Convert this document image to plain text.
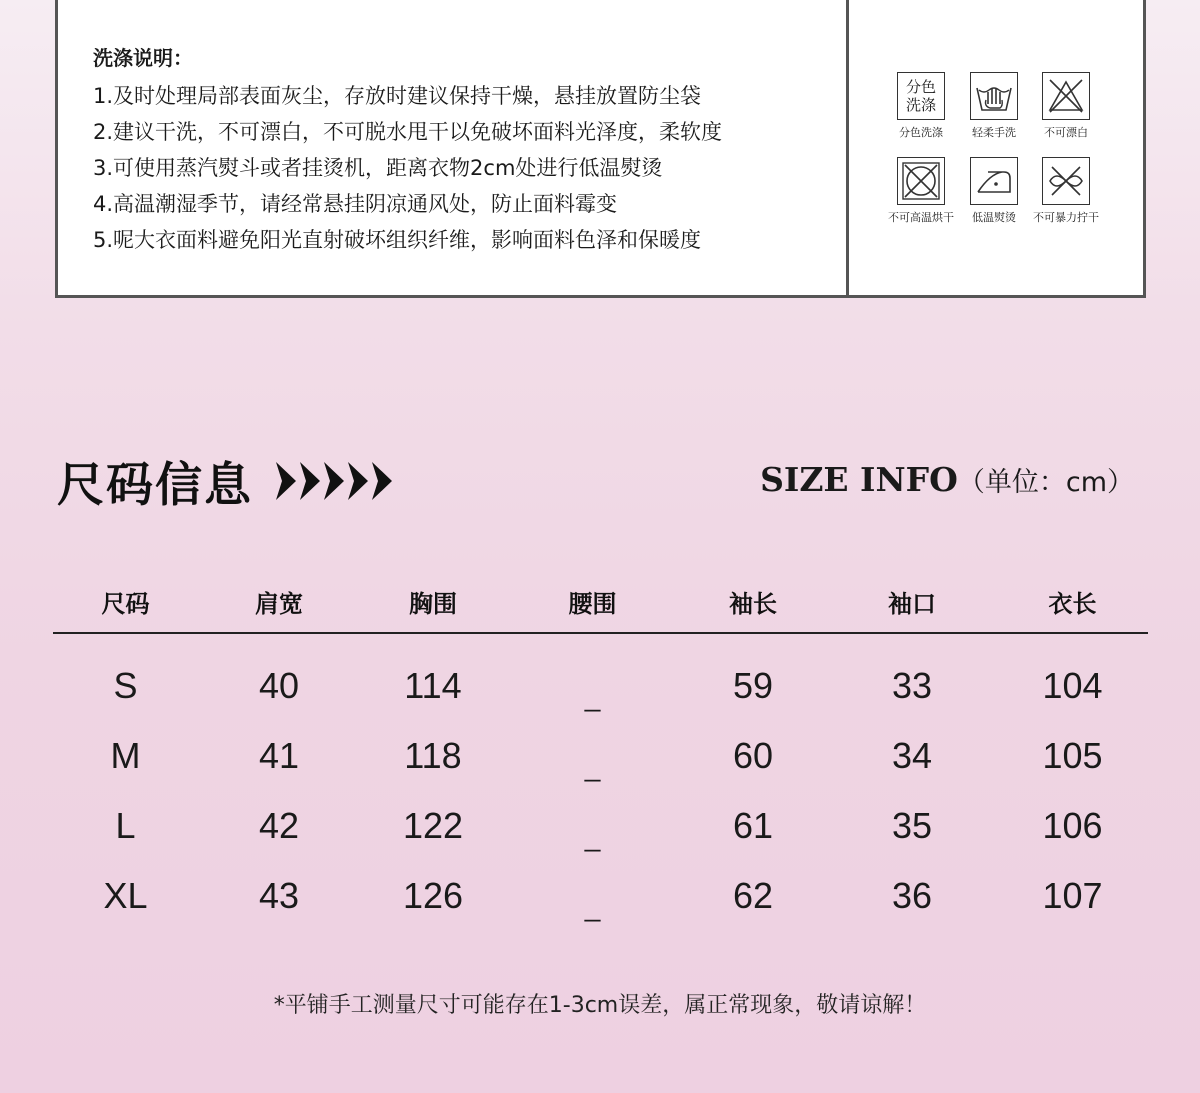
洗涤说明：
1.及时处理局部表面灰尘，存放时建议保持干燥，悬挂放置防尘袋
2.建议干洗，不可漂白，不可脱水甩干以免破坏面料光泽度，柔软度
3.可使用蒸汽熨斗或者挂烫机，距离衣物2cm处进行低温熨烫
4.高温潮湿季节，请经常悬挂阴凉通风处，防止面料霉变
5.呢大衣面料避免阳光直射破坏组织纤维，影响面料色泽和保暖度
分色洗涤
分色洗涤	轻柔手洗	不可漂白
不可高温烘干	低温熨烫	不可暴力拧干
尺码信息	SIZE INFO（单位：cm）
尺码	肩宽	胸围	腰围	袖长	袖口	衣长
S	40	114	_	59	33	104
M	41	118	_	60	34	105
L	42	122	_	61	35	106
XL	43	126	_	62	36	107
*平铺手工测量尺寸可能存在1-3cm误差，属正常现象，敬请谅解！
